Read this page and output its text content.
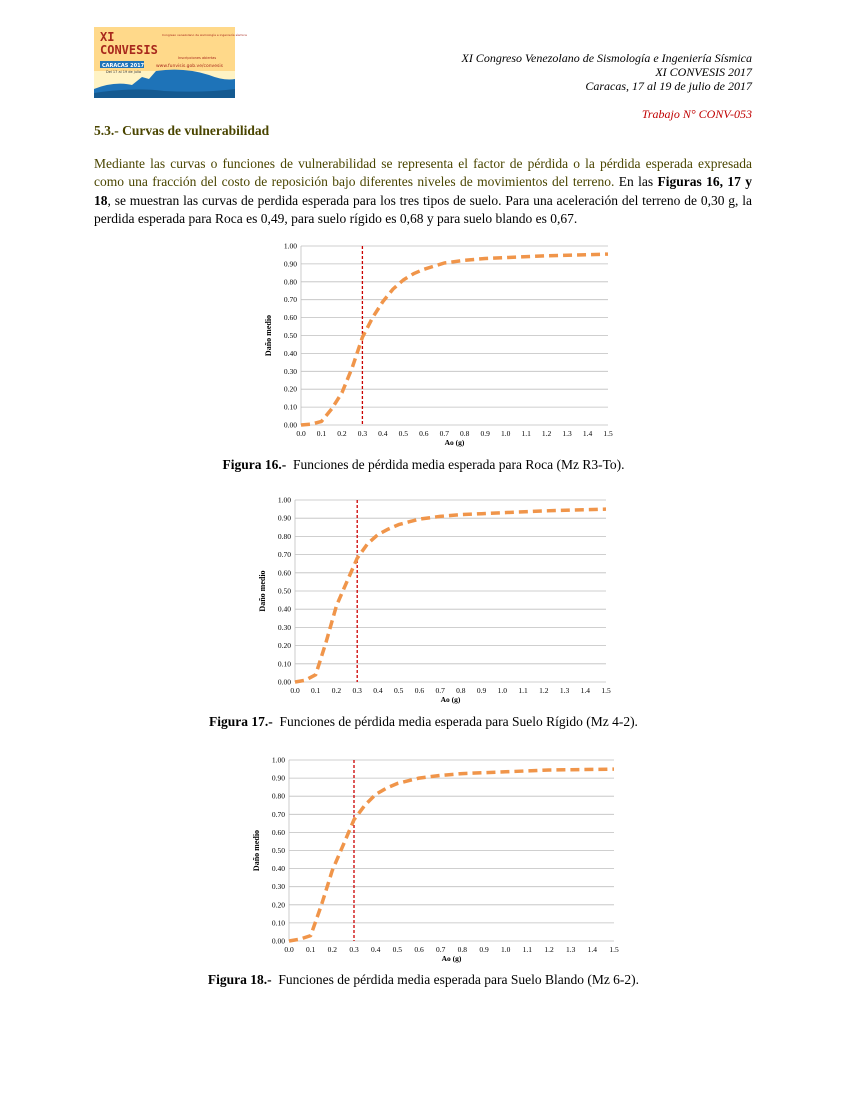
XI
CONVESIS
Congreso venezolano de sismología e ingeniería sísmica
CARACAS 2017
Del 17 al 19 de julio
Inscripciones abiertas
www.funvisis.gob.ve/convesis
XI Congreso Venezolano de Sismología e Ingeniería Sísmica
XI CONVESIS 2017
Caracas, 17 al 19 de julio de 2017
Trabajo N° CONV-053
5.3.- Curvas de vulnerabilidad
Mediante las curvas o funciones de vulnerabilidad se representa el factor de pérdida o la pérdida esperada expresada como una fracción del costo de reposición bajo diferentes niveles de movimientos del terreno. En las Figuras 16, 17 y 18, se muestran las curvas de perdida esperada para los tres tipos de suelo. Para una aceleración del terreno de 0,30 g, la perdida esperada para Roca es 0,49, para suelo rígido es 0,68 y para suelo blando es 0,67.
0.00
0.10
0.20
0.30
0.40
0.50
0.60
0.70
0.80
0.90
1.00
0.0 0.1 0.2 0.3 0.4 0.5 0.6 0.7 0.8 0.9 1.0 1.1 1.2 1.3 1.4 1.5
Ao (g)
Daño medio
Figura 16.- Funciones de pérdida media esperada para Roca (Mz R3-To).
0.00
0.10
0.20
0.30
0.40
0.50
0.60
0.70
0.80
0.90
1.00
0.0 0.1 0.2 0.3 0.4 0.5 0.6 0.7 0.8 0.9 1.0 1.1 1.2 1.3 1.4 1.5
Ao (g)
Daño medio
Figura 17.- Funciones de pérdida media esperada para Suelo Rígido (Mz 4-2).
0.00
0.10
0.20
0.30
0.40
0.50
0.60
0.70
0.80
0.90
1.00
0.0 0.1 0.2 0.3 0.4 0.5 0.6 0.7 0.8 0.9 1.0 1.1 1.2 1.3 1.4 1.5
Ao (g)
Daño medio
Figura 18.- Funciones de pérdida media esperada para Suelo Blando (Mz 6-2).
